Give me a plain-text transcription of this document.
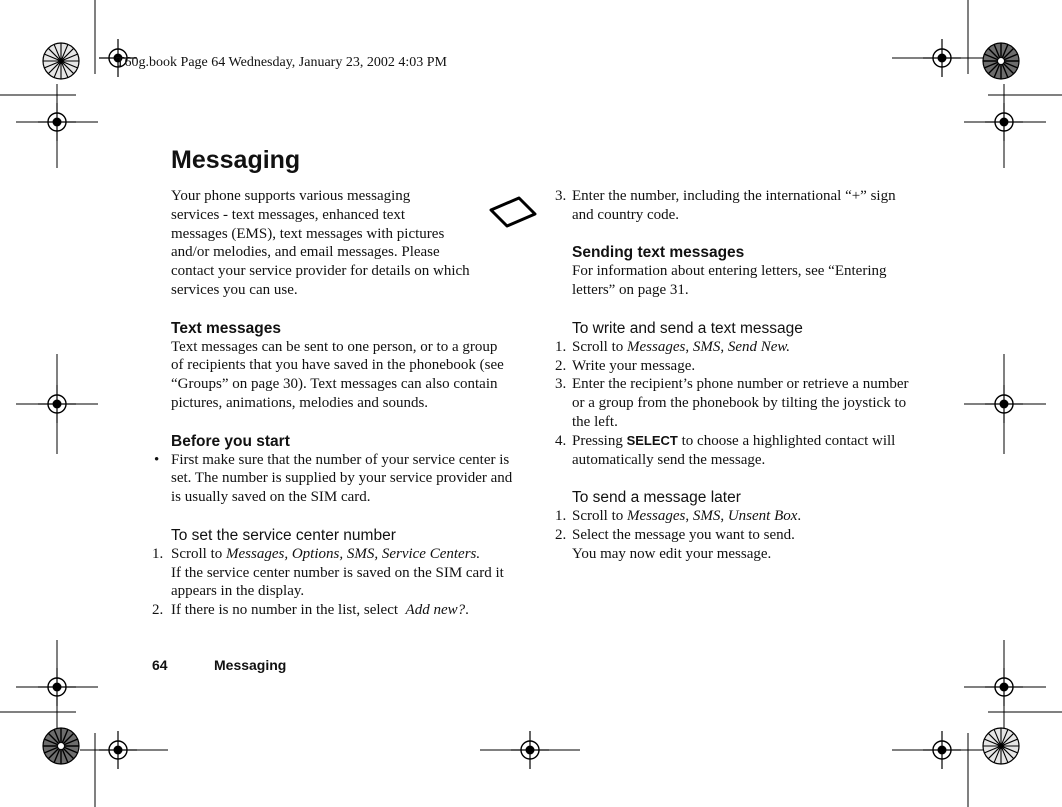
T60g.book Page 64 Wednesday, January 23, 2002 4:03 PM
Messaging

Your phone supports various messaging

services - text messages, enhanced text

messages (EMS), text messages with pictures

and/or melodies, and email messages. Please

contact your service provider for details on which

services you can use.

Text messages

Text messages can be sent to one person, or to a group

of recipients that you have saved in the phonebook (see

“Groups” on page 30). Text messages can also contain

pictures, animations, melodies and sounds.

Before you start
• First make sure that the number of your service center is

set. The number is supplied by your service provider and

is usually saved on the SIM card.

To set the service center number
1. Scroll to Messages, Options, SMS, Service Centers.

If the service center number is saved on the SIM card it

appears in the display.

2. If there is no number in the list, select  Add new?.

3. Enter the number, including the international “+” sign

and country code.

Sending text messages

For information about entering letters, see “Entering

letters” on page 31.

To write and send a text message
1. Scroll to Messages, SMS, Send New.

2. Write your message.

3. Enter the recipient’s phone number or retrieve a number

or a group from the phonebook by tilting the joystick to

the left.

4. Pressing SELECT to choose a highlighted contact will

automatically send the message.

To send a message later
1. Scroll to Messages, SMS, Unsent Box.

2. Select the message you want to send.

You may now edit your message.

64	Messaging
